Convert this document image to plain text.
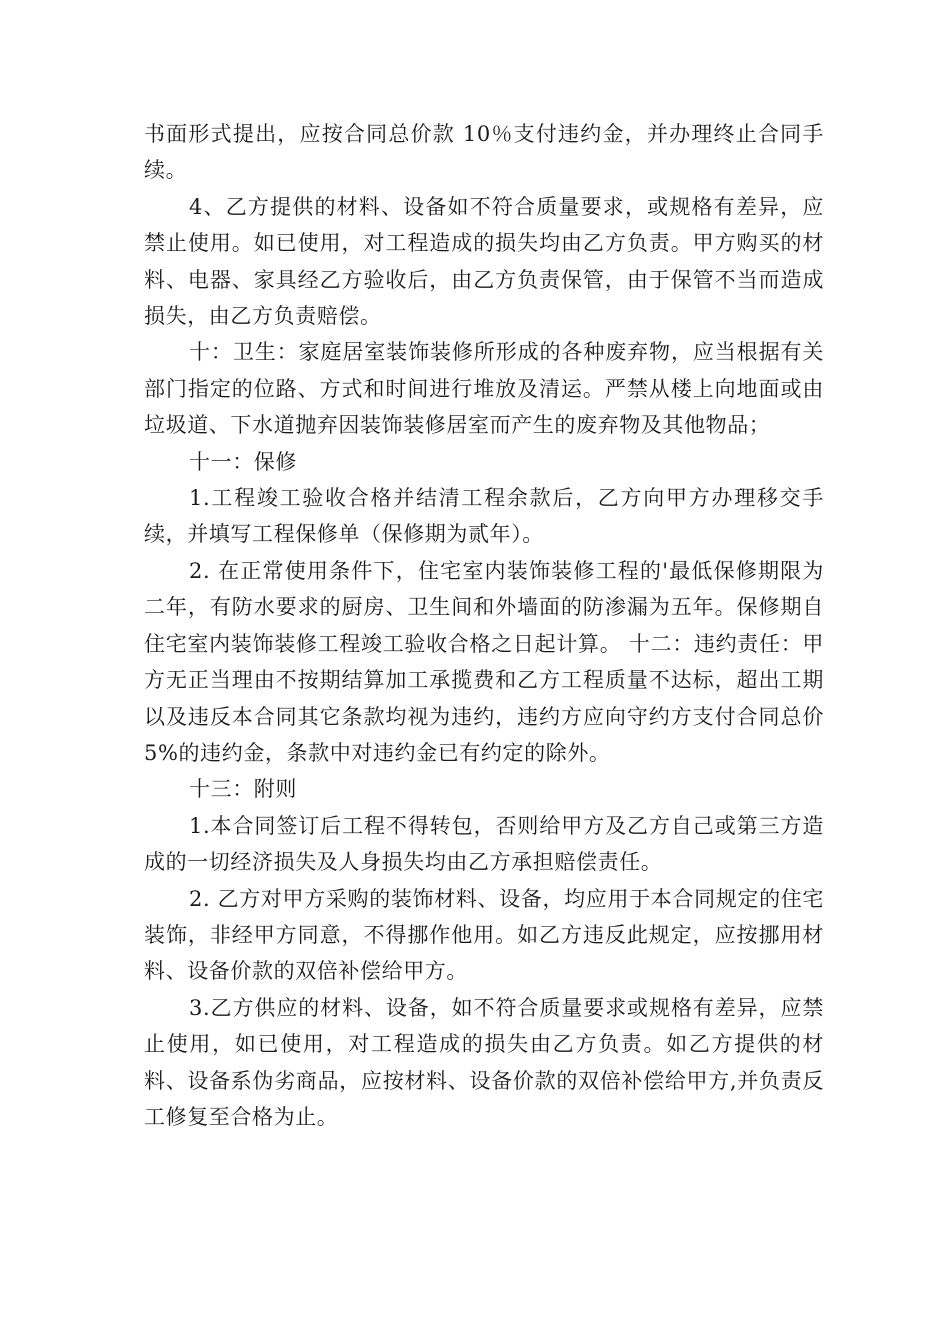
书面形式提出，应按合同总价款 10％支付违约金，并办理终止合同手续。

4、乙方提供的材料、设备如不符合质量要求，或规格有差异，应禁止使用。如已使用，对工程造成的损失均由乙方负责。甲方购买的材料、电器、家具经乙方验收后，由乙方负责保管，由于保管不当而造成损失，由乙方负责赔偿。

十：卫生：家庭居室装饰装修所形成的各种废弃物，应当根据有关部门指定的位路、方式和时间进行堆放及清运。严禁从楼上向地面或由垃圾道、下水道抛弃因装饰装修居室而产生的废弃物及其他物品；

十一：保修

1.工程竣工验收合格并结清工程余款后，乙方向甲方办理移交手续，并填写工程保修单（保修期为贰年）。

2. 在正常使用条件下，住宅室内装饰装修工程的'最低保修期限为二年，有防水要求的厨房、卫生间和外墙面的防渗漏为五年。保修期自住宅室内装饰装修工程竣工验收合格之日起计算。 十二：违约责任：甲方无正当理由不按期结算加工承揽费和乙方工程质量不达标，超出工期以及违反本合同其它条款均视为违约，违约方应向守约方支付合同总价 5%的违约金，条款中对违约金已有约定的除外。

十三：附则

1.本合同签订后工程不得转包，否则给甲方及乙方自己或第三方造成的一切经济损失及人身损失均由乙方承担赔偿责任。

2. 乙方对甲方采购的装饰材料、设备，均应用于本合同规定的住宅装饰，非经甲方同意，不得挪作他用。如乙方违反此规定，应按挪用材料、设备价款的双倍补偿给甲方。

3.乙方供应的材料、设备，如不符合质量要求或规格有差异，应禁止使用，如已使用，对工程造成的损失由乙方负责。如乙方提供的材料、设备系伪劣商品，应按材料、设备价款的双倍补偿给甲方,并负责反工修复至合格为止。
